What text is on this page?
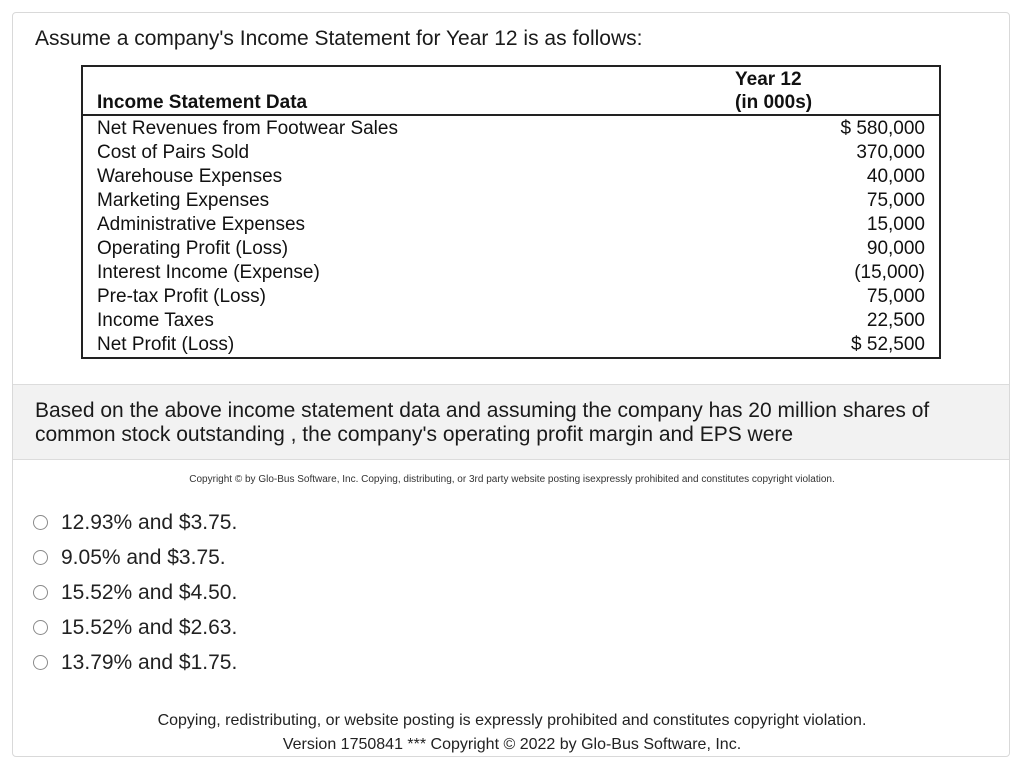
Assume a company's Income Statement for Year 12 is as follows:

Income Statement Data	Year 12
(in 000s)

Net Revenues from Footwear Sales	$ 580,000
Cost of Pairs Sold	370,000
Warehouse Expenses	40,000
Marketing Expenses	75,000
Administrative Expenses	15,000
Operating Profit (Loss)	90,000
Interest Income (Expense)	(15,000)
Pre-tax Profit (Loss)	75,000
Income Taxes	22,500
Net Profit (Loss)	$ 52,500

Based on the above income statement data and assuming the company has 20 million shares of common stock outstanding , the company's operating profit margin and EPS were

Copyright © by Glo-Bus Software, Inc. Copying, distributing, or 3rd party website posting isexpressly prohibited and constitutes copyright violation.
12.93% and $3.75.
9.05% and $3.75.
15.52% and $4.50.
15.52% and $2.63.
13.79% and $1.75.
Copying, redistributing, or website posting is expressly prohibited and constitutes copyright violation.
Version 1750841 *** Copyright © 2022 by Glo-Bus Software, Inc.
